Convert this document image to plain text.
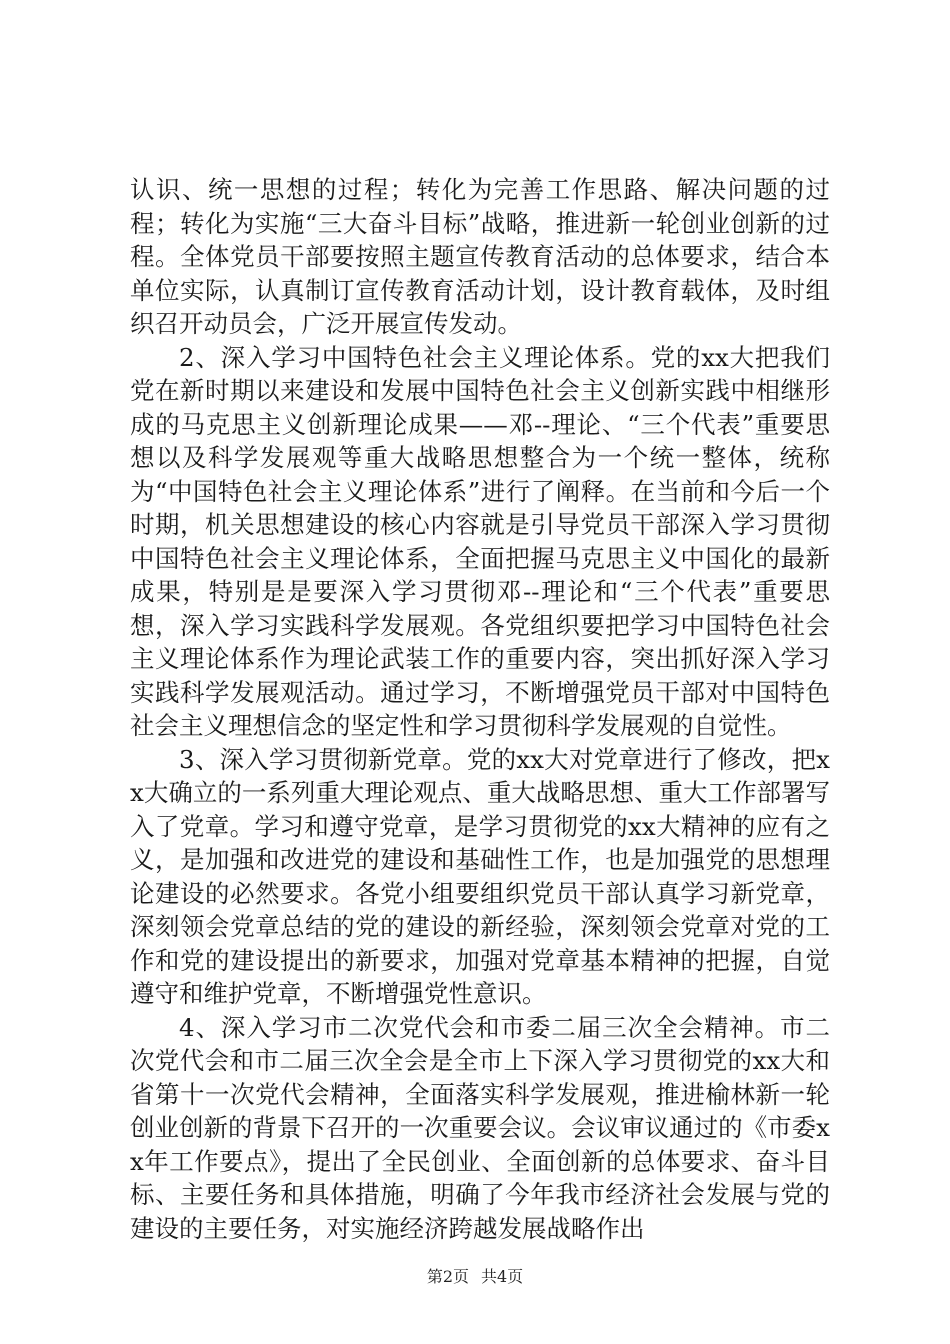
认识、统一思想的过程；转化为完善工作思路、解决问题的过程；转化为实施“三大奋斗目标”战略，推进新一轮创业创新的过程。全体党员干部要按照主题宣传教育活动的总体要求，结合本单位实际，认真制订宣传教育活动计划，设计教育载体，及时组织召开动员会，广泛开展宣传发动。

2、深入学习中国特色社会主义理论体系。党的xx大把我们党在新时期以来建设和发展中国特色社会主义创新实践中相继形成的马克思主义创新理论成果——邓--理论、“三个代表”重要思想以及科学发展观等重大战略思想整合为一个统一整体，统称为“中国特色社会主义理论体系”进行了阐释。在当前和今后一个时期，机关思想建设的核心内容就是引导党员干部深入学习贯彻中国特色社会主义理论体系，全面把握马克思主义中国化的最新成果，特别是是要深入学习贯彻邓--理论和“三个代表”重要思想，深入学习实践科学发展观。各党组织要把学习中国特色社会主义理论体系作为理论武装工作的重要内容，突出抓好深入学习实践科学发展观活动。通过学习，不断增强党员干部对中国特色社会主义理想信念的坚定性和学习贯彻科学发展观的自觉性。

3、深入学习贯彻新党章。党的xx大对党章进行了修改，把xx大确立的一系列重大理论观点、重大战略思想、重大工作部署写入了党章。学习和遵守党章，是学习贯彻党的xx大精神的应有之义，是加强和改进党的建设和基础性工作，也是加强党的思想理论建设的必然要求。各党小组要组织党员干部认真学习新党章，深刻领会党章总结的党的建设的新经验，深刻领会党章对党的工作和党的建设提出的新要求，加强对党章基本精神的把握，自觉遵守和维护党章，不断增强党性意识。

4、深入学习市二次党代会和市委二届三次全会精神。市二次党代会和市二届三次全会是全市上下深入学习贯彻党的xx大和省第十一次党代会精神，全面落实科学发展观，推进榆林新一轮创业创新的背景下召开的一次重要会议。会议审议通过的《市委xx年工作要点》，提出了全民创业、全面创新的总体要求、奋斗目标、主要任务和具体措施，明确了今年我市经济社会发展与党的建设的主要任务，对实施经济跨越发展战略作出

第2页 共4页
